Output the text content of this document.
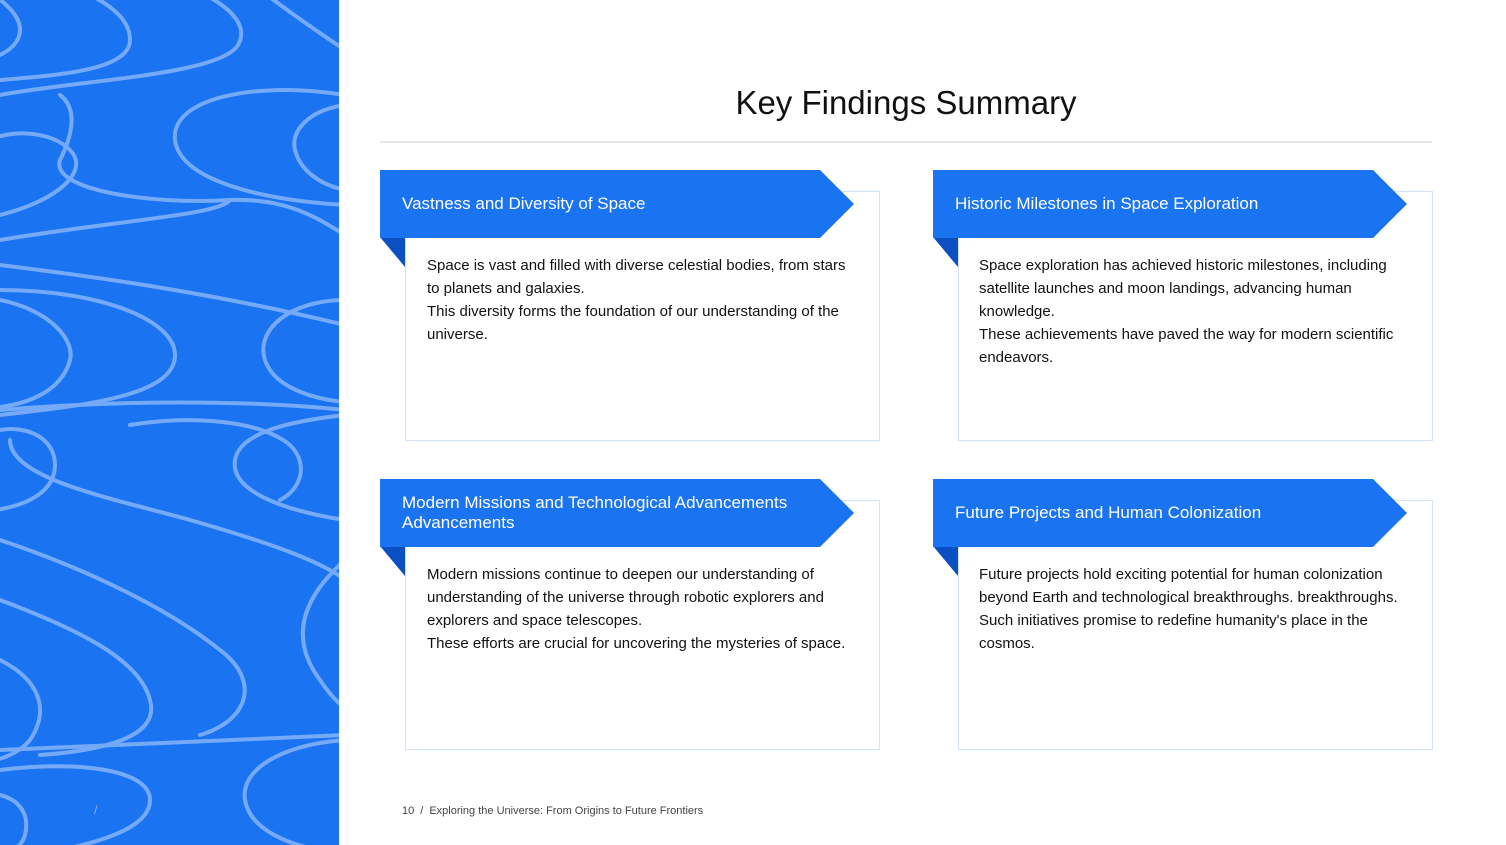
/
Key Findings Summary
Vastness and Diversity of Space

Space is vast and filled with diverse celestial bodies, from stars to planets and galaxies.

This diversity forms the foundation of our understanding of the universe.

Historic Milestones in Space Exploration

Space exploration has achieved historic milestones, including satellite launches and moon landings, advancing human knowledge.

These achievements have paved the way for modern scientific endeavors.

Modern Missions and Technological Advancements Advancements

Modern missions continue to deepen our understanding of understanding of the universe through robotic explorers and explorers and space telescopes.

These efforts are crucial for uncovering the mysteries of space.

Future Projects and Human Colonization

Future projects hold exciting potential for human colonization beyond Earth and technological breakthroughs. breakthroughs.

Such initiatives promise to redefine humanity's place in the cosmos.

10 / Exploring the Universe: From Origins to Future Frontiers
